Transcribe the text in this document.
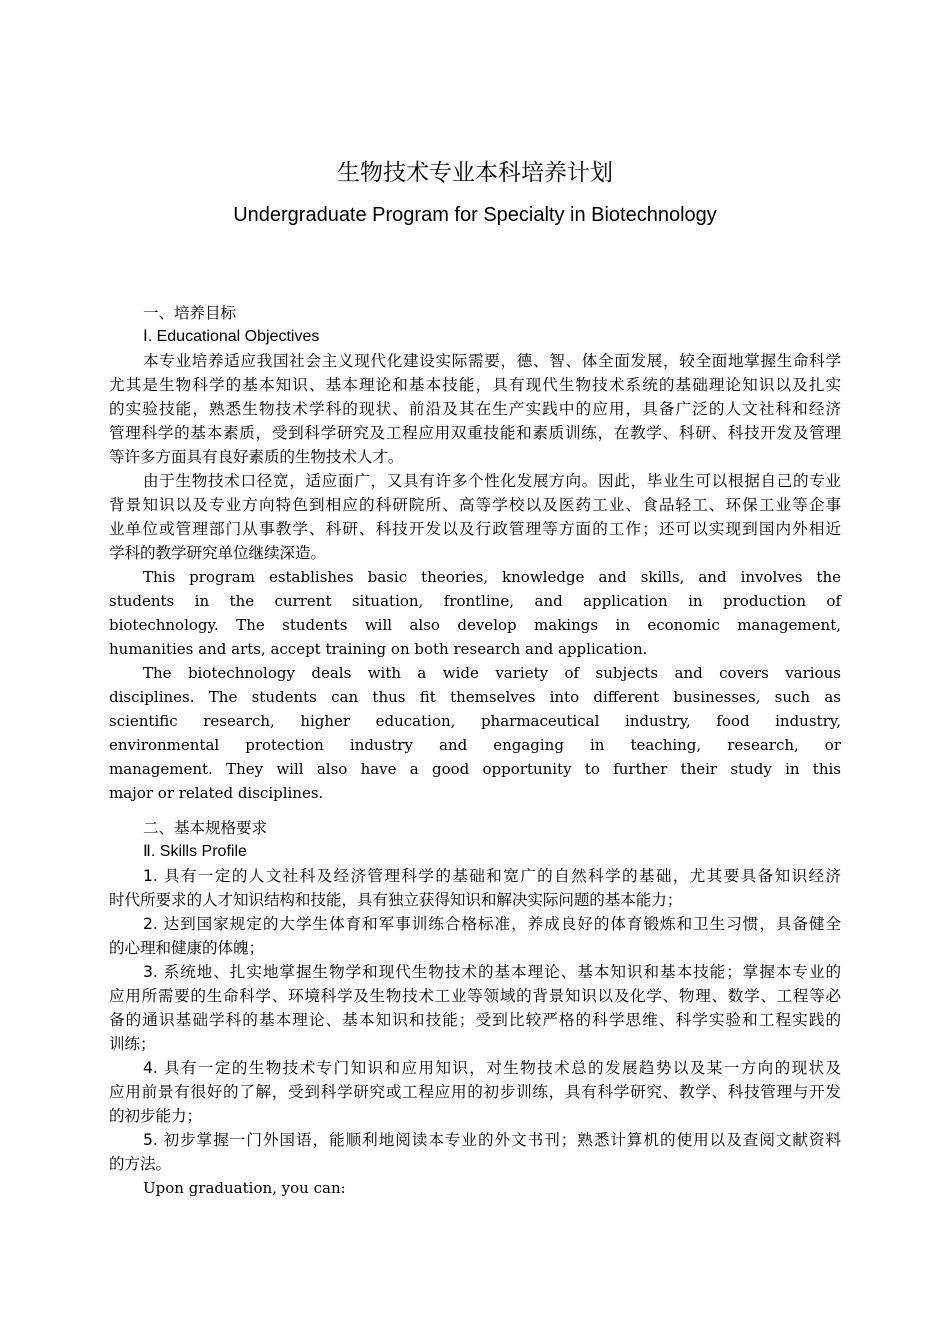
生物技术专业本科培养计划
Undergraduate Program for Specialty in Biotechnology
一、培养目标
Ⅰ. Educational Objectives
本专业培养适应我国社会主义现代化建设实际需要，德、智、体全面发展，较全面地掌握生命科学
尤其是生物科学的基本知识、基本理论和基本技能，具有现代生物技术系统的基础理论知识以及扎实
的实验技能，熟悉生物技术学科的现状、前沿及其在生产实践中的应用，具备广泛的人文社科和经济
管理科学的基本素质，受到科学研究及工程应用双重技能和素质训练，在教学、科研、科技开发及管理
等许多方面具有良好素质的生物技术人才。
由于生物技术口径宽，适应面广，又具有许多个性化发展方向。因此，毕业生可以根据自己的专业
背景知识以及专业方向特色到相应的科研院所、高等学校以及医药工业、食品轻工、环保工业等企事
业单位或管理部门从事教学、科研、科技开发以及行政管理等方面的工作；还可以实现到国内外相近
学科的教学研究单位继续深造。
This program establishes basic theories, knowledge and skills, and involves the
students in the current situation, frontline, and application in production of
biotechnology. The students will also develop makings in economic management,
humanities and arts, accept training on both research and application.
The biotechnology deals with a wide variety of subjects and covers various
disciplines. The students can thus fit themselves into different businesses, such as
scientific research, higher education, pharmaceutical industry, food industry,
environmental protection industry and engaging in teaching, research, or
management. They will also have a good opportunity to further their study in this
major or related disciplines.
二、基本规格要求
Ⅱ. Skills Profile
1. 具有一定的人文社科及经济管理科学的基础和宽广的自然科学的基础，尤其要具备知识经济
时代所要求的人才知识结构和技能，具有独立获得知识和解决实际问题的基本能力；
2. 达到国家规定的大学生体育和军事训练合格标准，养成良好的体育锻炼和卫生习惯，具备健全
的心理和健康的体魄；
3. 系统地、扎实地掌握生物学和现代生物技术的基本理论、基本知识和基本技能；掌握本专业的
应用所需要的生命科学、环境科学及生物技术工业等领域的背景知识以及化学、物理、数学、工程等必
备的通识基础学科的基本理论、基本知识和技能；受到比较严格的科学思维、科学实验和工程实践的
训练；
4. 具有一定的生物技术专门知识和应用知识，对生物技术总的发展趋势以及某一方向的现状及
应用前景有很好的了解，受到科学研究或工程应用的初步训练，具有科学研究、教学、科技管理与开发
的初步能力；
5. 初步掌握一门外国语，能顺利地阅读本专业的外文书刊；熟悉计算机的使用以及查阅文献资料
的方法。
Upon graduation, you can:
